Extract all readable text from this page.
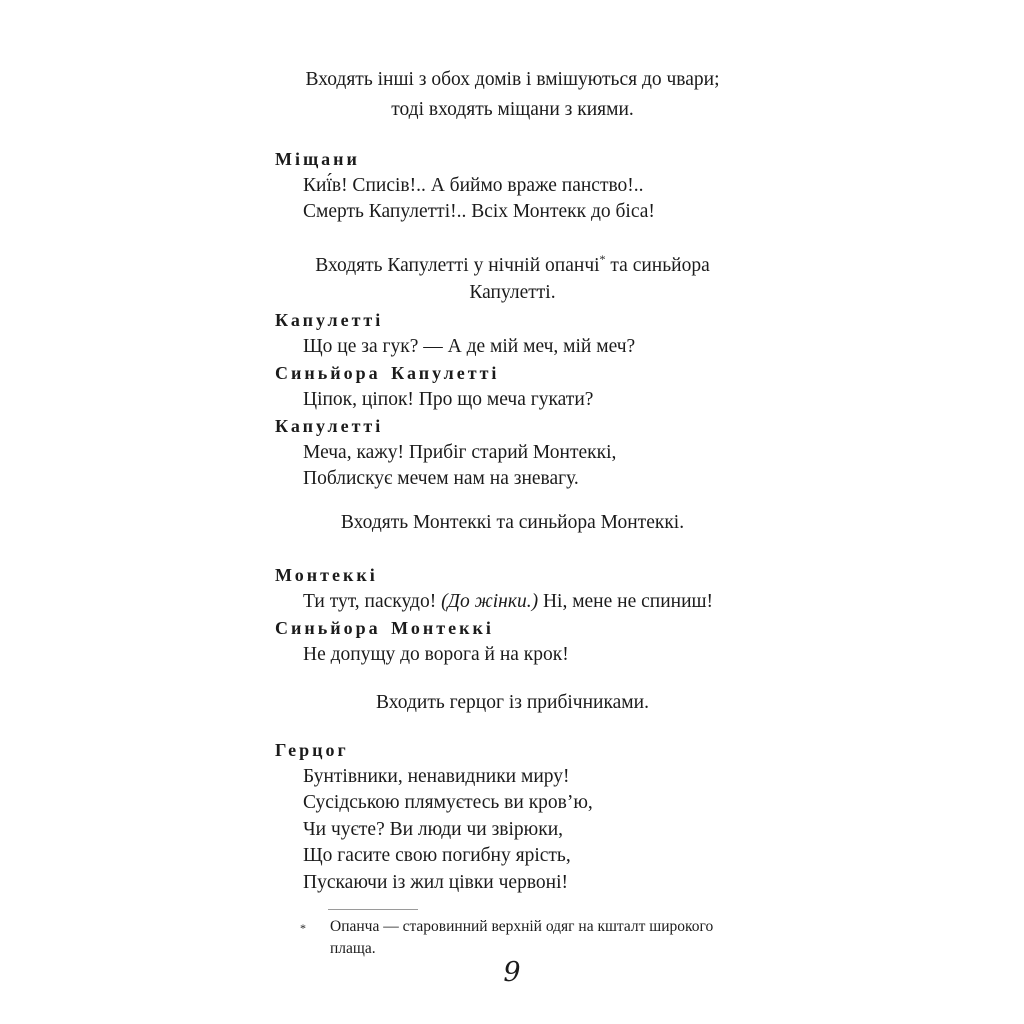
Входять інші з обох домів і вмішуються до чвари;
тоді входять міщани з киями.
Міщани
Киї́в! Списів!.. А биймо враже панство!..
Смерть Капулетті!.. Всіх Монтекк до біса!
Входять Капулетті у нічній опанчі* та синьйора Капулетті.
Капулетті
Що це за гук? — А де мій меч, мій меч?
Синьйора Капулетті
Ціпок, ціпок! Про що меча гукати?
Капулетті
Меча, кажу! Прибіг старий Монтеккі,
Поблискує мечем нам на зневагу.
Входять Монтеккі та синьйора Монтеккі.
Монтеккі
Ти тут, паскудо! (До жінки.) Ні, мене не спиниш!
Синьйора Монтеккі
Не допущу до ворога й на крок!
Входить герцог із прибічниками.
Герцог
Бунтівники, ненавидники миру!
Сусідською плямуєтесь ви кров’ю,
Чи чуєте? Ви люди чи звірюки,
Що гасите свою погибну ярість,
Пускаючи із жил цівки червоні!
* Опанча — старовинний верхній одяг на кшталт широкого плаща.
9
